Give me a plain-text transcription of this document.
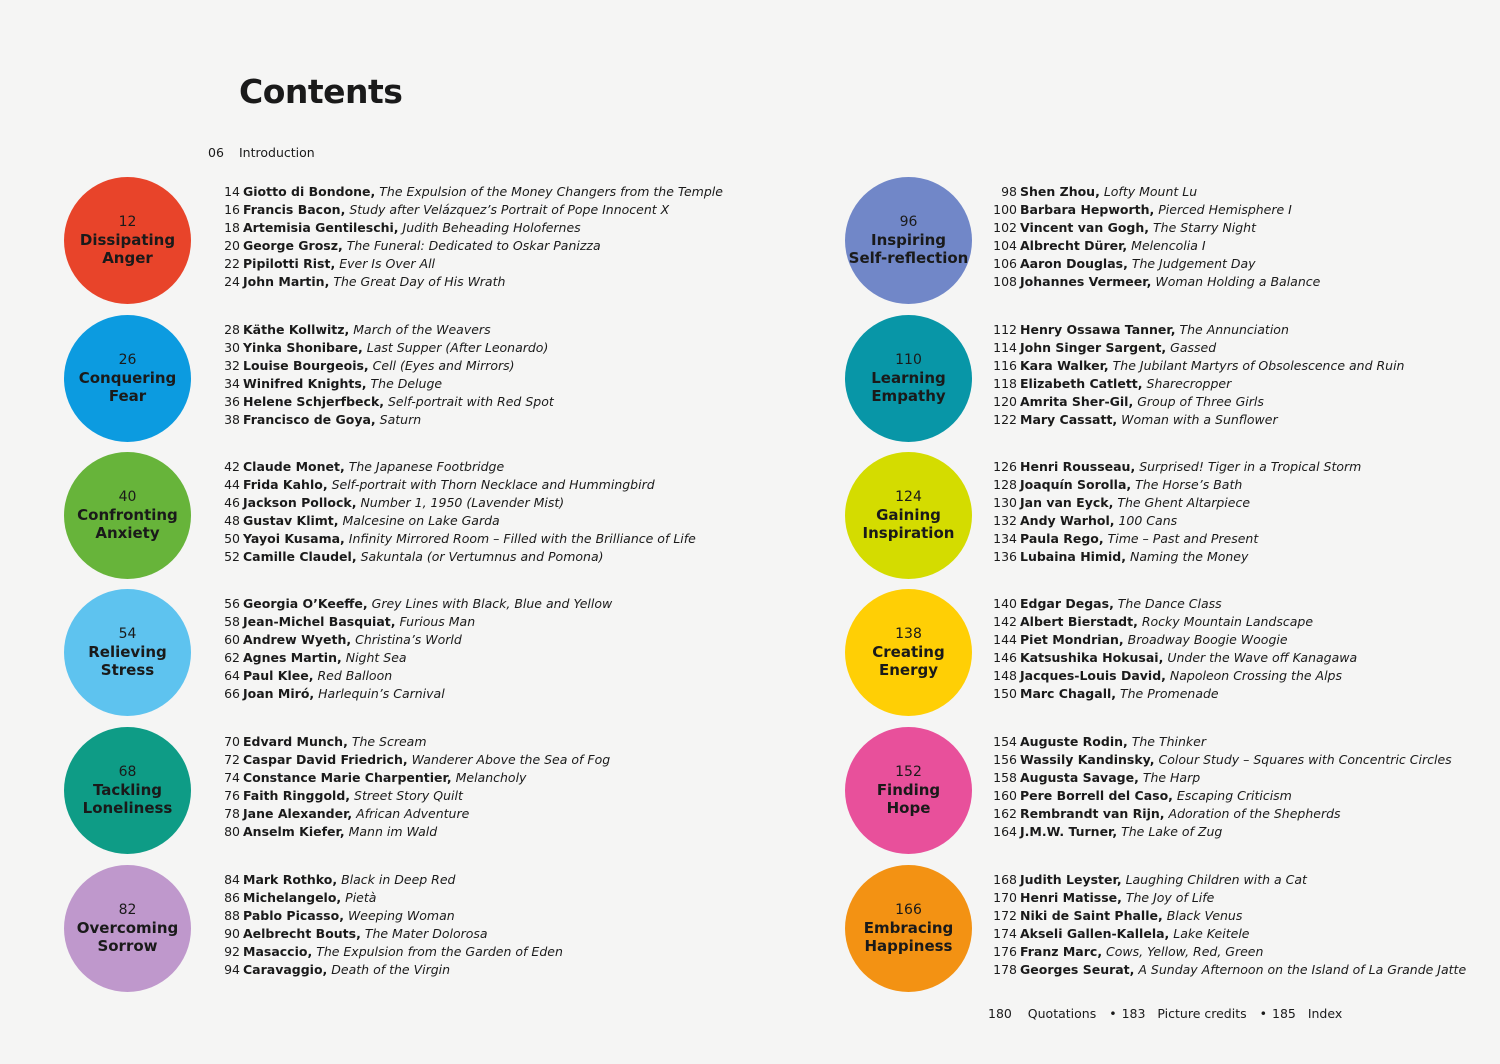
Contents
06 Introduction
12
Dissipating
Anger
14 Giotto di Bondone, The Expulsion of the Money Changers from the Temple
16 Francis Bacon, Study after Velázquez’s Portrait of Pope Innocent X
18 Artemisia Gentileschi, Judith Beheading Holofernes
20 George Grosz, The Funeral: Dedicated to Oskar Panizza
22 Pipilotti Rist, Ever Is Over All
24 John Martin, The Great Day of His Wrath
26
Conquering
Fear
28 Käthe Kollwitz, March of the Weavers
30 Yinka Shonibare, Last Supper (After Leonardo)
32 Louise Bourgeois, Cell (Eyes and Mirrors)
34 Winifred Knights, The Deluge
36 Helene Schjerfbeck, Self-portrait with Red Spot
38 Francisco de Goya, Saturn
40
Confronting
Anxiety
42 Claude Monet, The Japanese Footbridge
44 Frida Kahlo, Self-portrait with Thorn Necklace and Hummingbird
46 Jackson Pollock, Number 1, 1950 (Lavender Mist)
48 Gustav Klimt, Malcesine on Lake Garda
50 Yayoi Kusama, Infinity Mirrored Room – Filled with the Brilliance of Life
52 Camille Claudel, Sakuntala (or Vertumnus and Pomona)
54
Relieving
Stress
56 Georgia O’Keeffe, Grey Lines with Black, Blue and Yellow
58 Jean-Michel Basquiat, Furious Man
60 Andrew Wyeth, Christina’s World
62 Agnes Martin, Night Sea
64 Paul Klee, Red Balloon
66 Joan Miró, Harlequin’s Carnival
68
Tackling
Loneliness
70 Edvard Munch, The Scream
72 Caspar David Friedrich, Wanderer Above the Sea of Fog
74 Constance Marie Charpentier, Melancholy
76 Faith Ringgold, Street Story Quilt
78 Jane Alexander, African Adventure
80 Anselm Kiefer, Mann im Wald
82
Overcoming
Sorrow
84 Mark Rothko, Black in Deep Red
86 Michelangelo, Pietà
88 Pablo Picasso, Weeping Woman
90 Aelbrecht Bouts, The Mater Dolorosa
92 Masaccio, The Expulsion from the Garden of Eden
94 Caravaggio, Death of the Virgin
96
Inspiring
Self-reflection
98 Shen Zhou, Lofty Mount Lu
100 Barbara Hepworth, Pierced Hemisphere I
102 Vincent van Gogh, The Starry Night
104 Albrecht Dürer, Melencolia I
106 Aaron Douglas, The Judgement Day
108 Johannes Vermeer, Woman Holding a Balance
110
Learning
Empathy
112 Henry Ossawa Tanner, The Annunciation
114 John Singer Sargent, Gassed
116 Kara Walker, The Jubilant Martyrs of Obsolescence and Ruin
118 Elizabeth Catlett, Sharecropper
120 Amrita Sher-Gil, Group of Three Girls
122 Mary Cassatt, Woman with a Sunflower
124
Gaining
Inspiration
126 Henri Rousseau, Surprised! Tiger in a Tropical Storm
128 Joaquín Sorolla, The Horse’s Bath
130 Jan van Eyck, The Ghent Altarpiece
132 Andy Warhol, 100 Cans
134 Paula Rego, Time – Past and Present
136 Lubaina Himid, Naming the Money
138
Creating
Energy
140 Edgar Degas, The Dance Class
142 Albert Bierstadt, Rocky Mountain Landscape
144 Piet Mondrian, Broadway Boogie Woogie
146 Katsushika Hokusai, Under the Wave off Kanagawa
148 Jacques-Louis David, Napoleon Crossing the Alps
150 Marc Chagall, The Promenade
152
Finding
Hope
154 Auguste Rodin, The Thinker
156 Wassily Kandinsky, Colour Study – Squares with Concentric Circles
158 Augusta Savage, The Harp
160 Pere Borrell del Caso, Escaping Criticism
162 Rembrandt van Rijn, Adoration of the Shepherds
164 J.M.W. Turner, The Lake of Zug
166
Embracing
Happiness
168 Judith Leyster, Laughing Children with a Cat
170 Henri Matisse, The Joy of Life
172 Niki de Saint Phalle, Black Venus
174 Akseli Gallen-Kallela, Lake Keitele
176 Franz Marc, Cows, Yellow, Red, Green
178 Georges Seurat, A Sunday Afternoon on the Island of La Grande Jatte
180 Quotations • 183 Picture credits • 185 Index
